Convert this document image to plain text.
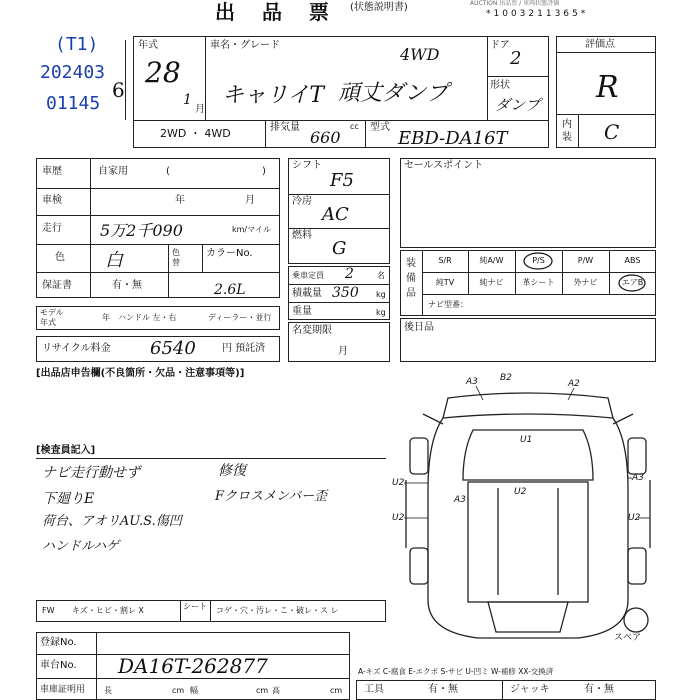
AUCTION 出品票 / 車両状態評価
出 品 票 (状態説明書)
*1003211365*
(T1)
202403
01145
6
年式
28
1
月
車名・グレード	4WD
キャリイT 頑丈ダンプ
ドア
2
形状
ダンプ
2WD ・ 4WD	排気量
660
cc 型式
EBD-DA16T
評価点
R
内装 C
車歴	自家用	(	)
車検	年	月
走行 5万2千090	km/マイル
色 白	色替
カラーNo.
保証書	有・無	2.6L
モデル年式
年 ハンドル 左・右	ディーラー・並行
リサイクル料金 6540	円 預託済
シフト
F5
冷房
AC
燃料
G
乗車定員 2	名
積載量 350 kg
重量	kg
名変期限
月
セールスポイント
装備品
S/R	純A/W	P/S	P/W	ABS
純TV	純ナビ	革シート	外ナビ	エアB
ナビ型番：
後日品
[出品店申告欄(不良箇所・欠品・注意事項等)]
[検査員記入]
ナビ走行動せず
下廻りE
荷台、アオリAU.S.傷凹
ハンドルハゲ
修復
Fクロスメンバー歪
FW キズ・ヒビ・割レ X	シート コゲ・穴・汚レ・こ・破レ・ス レ
登録No.
車台No. DA16T-262877
車庫証明用 長	cm 幅	cm 高	cm
A3 B2
A2
U1
U2
U2
U2
U2
A3
A3
スペア
A-キズ C-腐食 E-エクボ S-サビ U-凹ミ W-補修 XX-交換済
工具	有・無	ジャッキ	有・無
